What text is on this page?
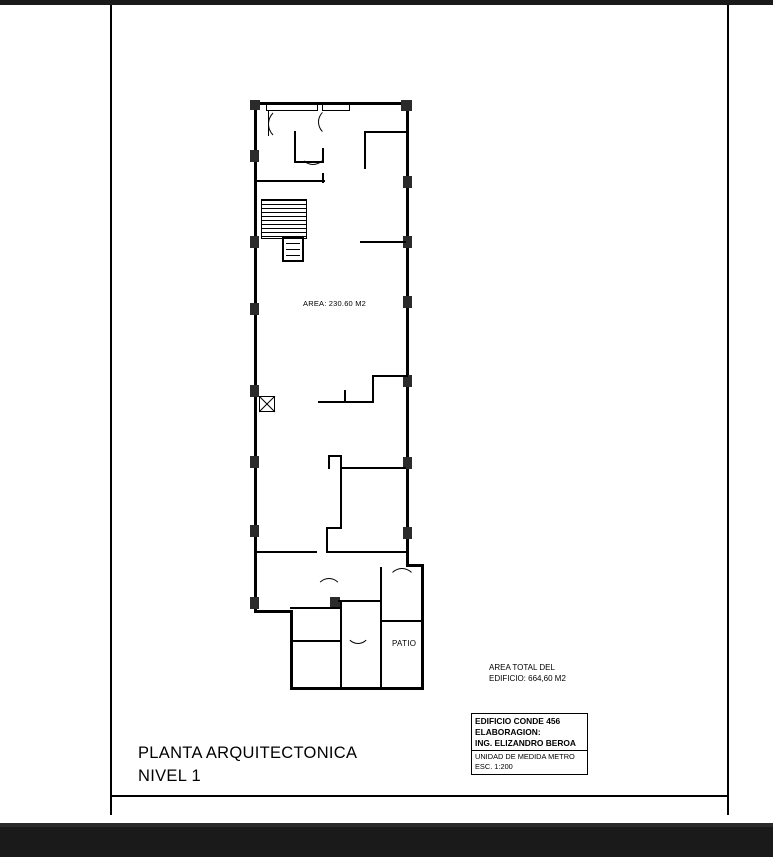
AREA: 230.60 M2
PATIO
AREA TOTAL DEL
EDIFICIO: 664,60 M2
PLANTA ARQUITECTONICA
NIVEL 1
EDIFICIO CONDE 456
ELABORAGION:
ING. ELIZANDRO BEROA
UNIDAD DE MEDIDA METRO
ESC. 1:200
